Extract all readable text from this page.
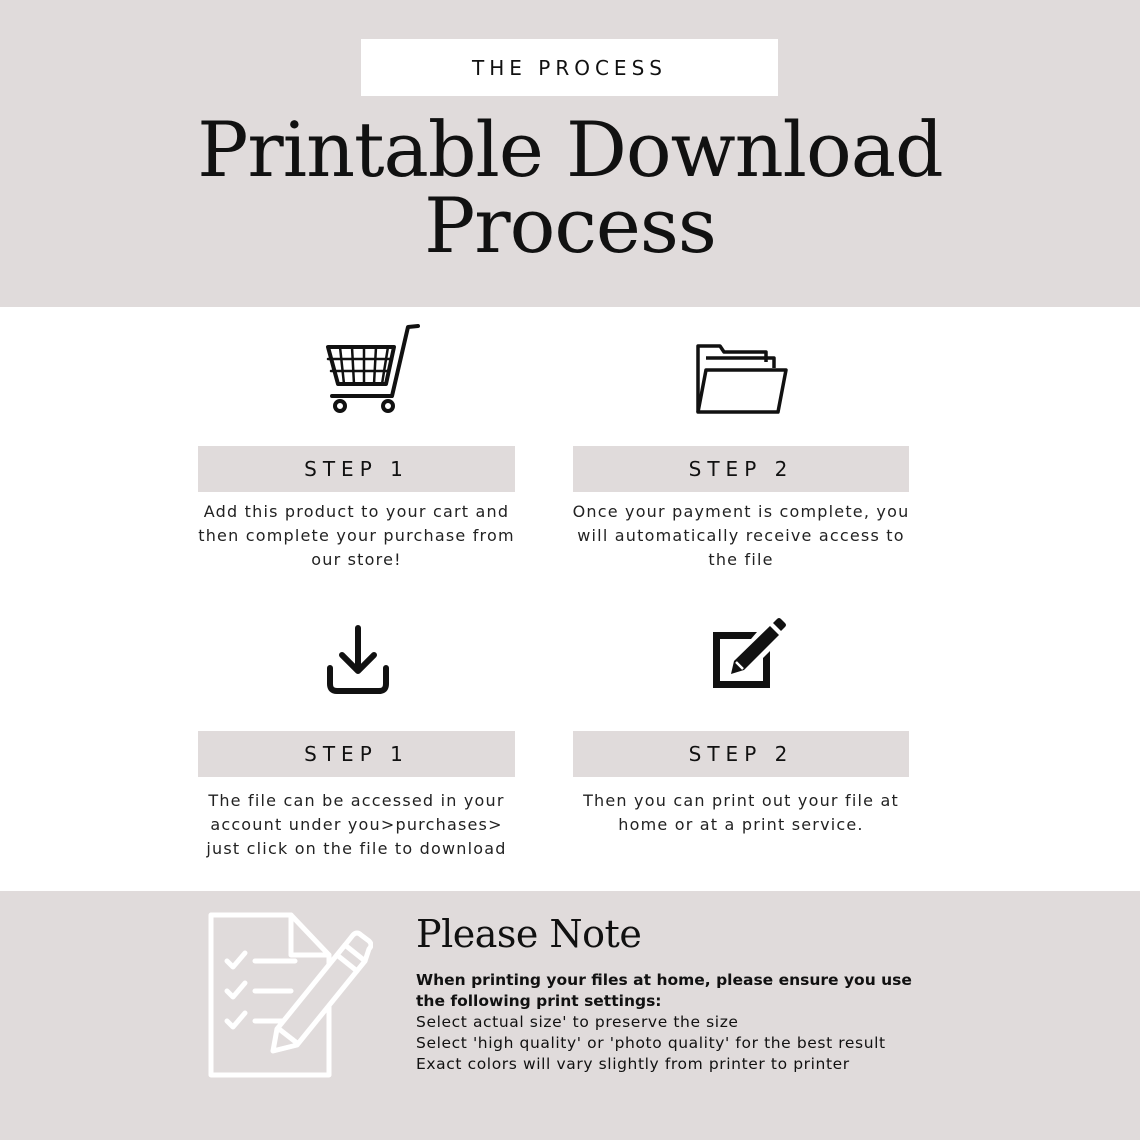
THE PROCESS
Printable Download
Process
STEP 1
Add this product to your cart and
then complete your purchase from
our store!
STEP 2
Once your payment is complete, you
will automatically receive access to
the file
STEP 1
The file can be accessed in your
account under you>purchases>
just click on the file to download
STEP 2
Then you can print out your file at
home or at a print service.
Please Note
When printing your files at home, please ensure you use
the following print settings:
Select actual size' to preserve the size
Select 'high quality' or 'photo quality' for the best result
Exact colors will vary slightly from printer to printer
